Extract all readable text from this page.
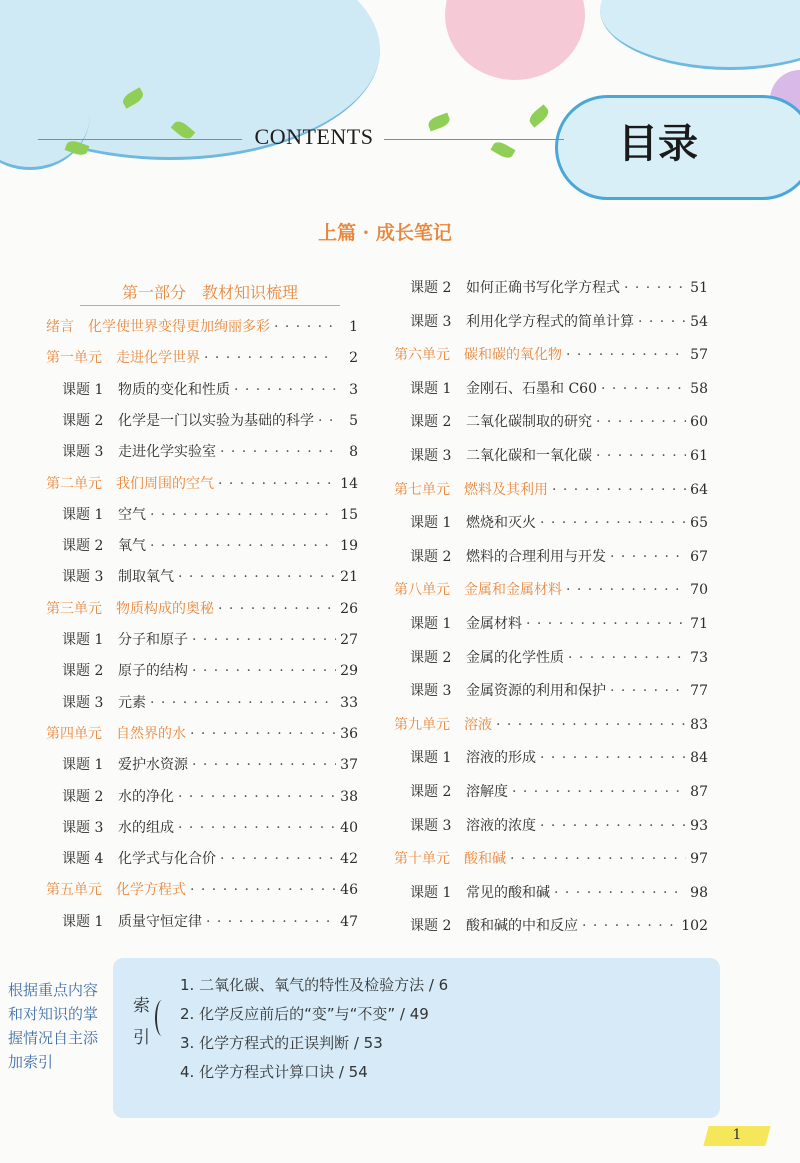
CONTENTS	目录
上篇 · 成长笔记
第一部分　教材知识梳理
绪言 化学使世界变得更加绚丽多彩 · · ·	1
第一单元 走进化学世界 · · ·	2
课题 1 物质的变化和性质 · · ·	3
课题 2 化学是一门以实验为基础的科学 · · ·	5
课题 3 走进化学实验室 · · ·	8
第二单元 我们周围的空气 · · ·	14
课题 1 空气 · · ·	15
课题 2 氧气 · · ·	19
课题 3 制取氧气 · · ·	21
第三单元 物质构成的奥秘 · · ·	26
课题 1 分子和原子 · · ·	27
课题 2 原子的结构 · · ·	29
课题 3 元素 · · ·	33
第四单元 自然界的水 · · ·	36
课题 1 爱护水资源 · · ·	37
课题 2 水的净化 · · ·	38
课题 3 水的组成 · · ·	40
课题 4 化学式与化合价 · · ·	42
第五单元 化学方程式 · · ·	46
课题 1 质量守恒定律 · · ·	47
课题 2 如何正确书写化学方程式 · · ·	51
课题 3 利用化学方程式的简单计算 · · ·	54
第六单元 碳和碳的氧化物 · · ·	57
课题 1 金刚石、石墨和 C60 · · ·	58
课题 2 二氧化碳制取的研究 · · ·	60
课题 3 二氧化碳和一氧化碳 · · ·	61
第七单元 燃料及其利用 · · ·	64
课题 1 燃烧和灭火 · · ·	65
课题 2 燃料的合理利用与开发 · · ·	67
第八单元 金属和金属材料 · · ·	70
课题 1 金属材料 · · ·	71
课题 2 金属的化学性质 · · ·	73
课题 3 金属资源的利用和保护 · · ·	77
第九单元 溶液 · · ·	83
课题 1 溶液的形成 · · ·	84
课题 2 溶解度 · · ·	87
课题 3 溶液的浓度 · · ·	93
第十单元 酸和碱 · · ·	97
课题 1 常见的酸和碱 · · ·	98
课题 2 酸和碱的中和反应 · · ·	102
索引
1. 二氧化碳、氧气的特性及检验方法 / 6
2. 化学反应前后的“变”与“不变” / 49
3. 化学方程式的正误判断 / 53
4. 化学方程式计算口诀 / 54
根据重点内容和对知识的掌握情况自主添加索引
1
